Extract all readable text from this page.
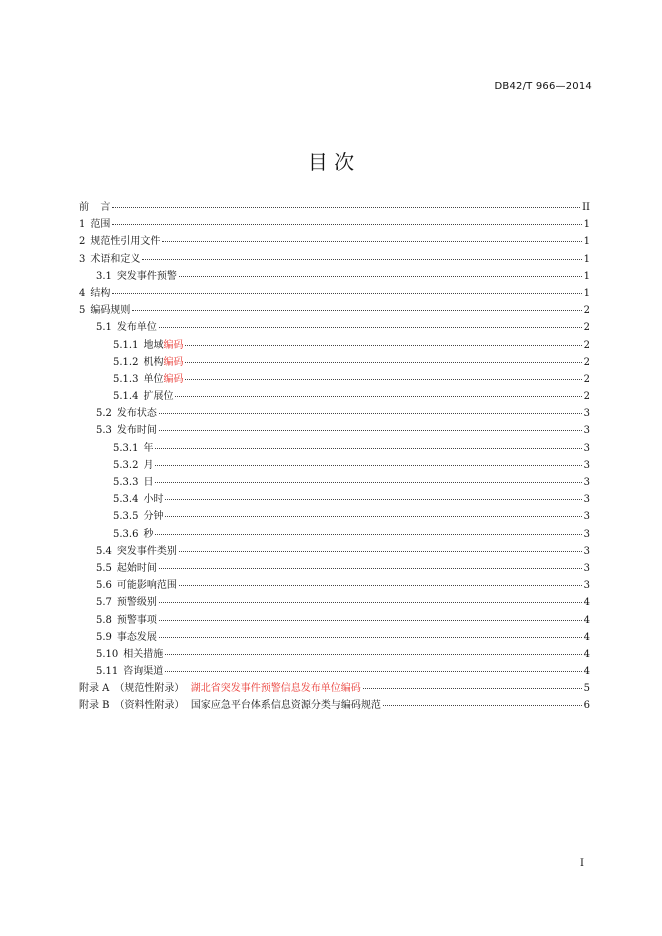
DB42/T 966—2014
目 次
前 言	II
1 范围	1
2 规范性引用文件	1
3 术语和定义	1
3.1 突发事件预警	1
4 结构	1
5 编码规则	2
5.1 发布单位	2
5.1.1 地域 编码	2
5.1.2 机构 编码	2
5.1.3 单位 编码	2
5.1.4 扩展位	2
5.2 发布状态	3
5.3 发布时间	3
5.3.1 年	3
5.3.2 月	3
5.3.3 日	3
5.3.4 小时	3
5.3.5 分钟	3
5.3.6 秒	3
5.4 突发事件类别	3
5.5 起始时间	3
5.6 可能影响范围	3
5.7 预警级别	4
5.8 预警事项	4
5.9 事态发展	4
5.10 相关措施	4
5.11 咨询渠道	4
附录 A （规范性附录） 湖北省突发事件预警信息发布单位编码	5
附录 B （资料性附录）  国家应急平台体系信息资源分类与编码规范	6
I
